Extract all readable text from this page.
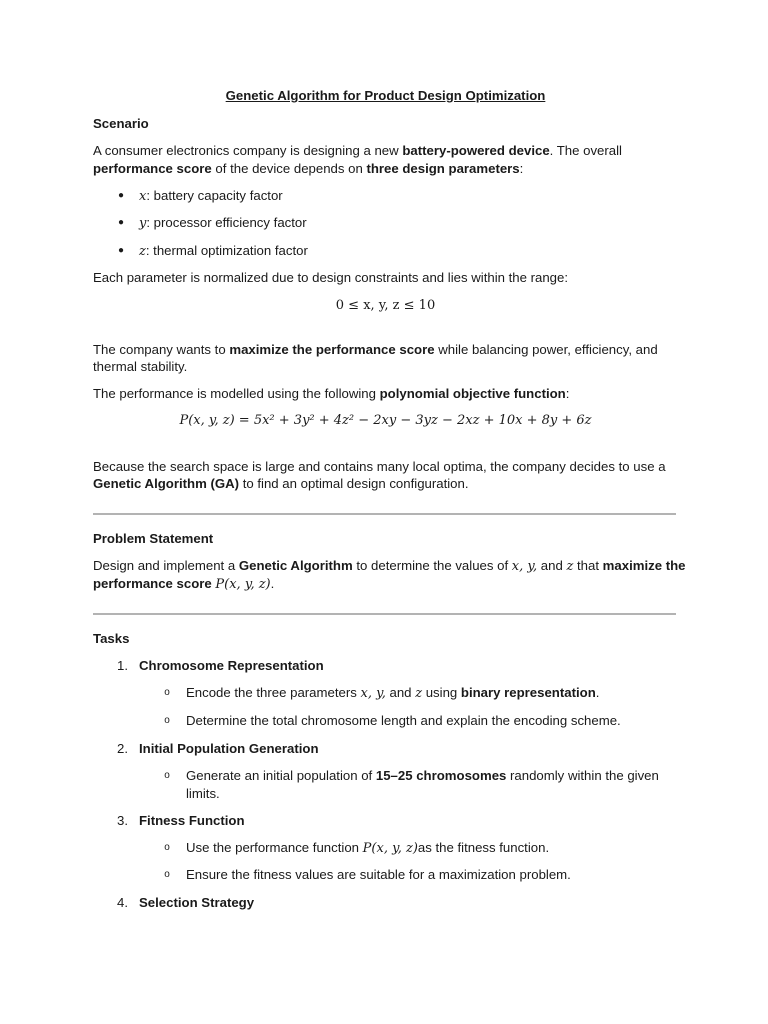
Genetic Algorithm for Product Design Optimization
Scenario
A consumer electronics company is designing a new battery-powered device. The overall
performance score of the device depends on three design parameters:
● x: battery capacity factor
● y: processor efficiency factor
● z: thermal optimization factor
Each parameter is normalized due to design constraints and lies within the range:
0 ≤ x, y, z ≤ 10
The company wants to maximize the performance score while balancing power, efficiency, and
thermal stability.
The performance is modelled using the following polynomial objective function:
P(x, y, z) = 5x² + 3y² + 4z² − 2xy − 3yz − 2xz + 10x + 8y + 6z
Because the search space is large and contains many local optima, the company decides to use a
Genetic Algorithm (GA) to find an optimal design configuration.
Problem Statement
Design and implement a Genetic Algorithm to determine the values of x, y, and z that maximize the
performance score P(x, y, z).
Tasks
1. Chromosome Representation
o Encode the three parameters x, y, and z using binary representation.
o Determine the total chromosome length and explain the encoding scheme.
2. Initial Population Generation
o Generate an initial population of 15–25 chromosomes randomly within the given
limits.
3. Fitness Function
o Use the performance function P(x, y, z)as the fitness function.
o Ensure the fitness values are suitable for a maximization problem.
4. Selection Strategy
